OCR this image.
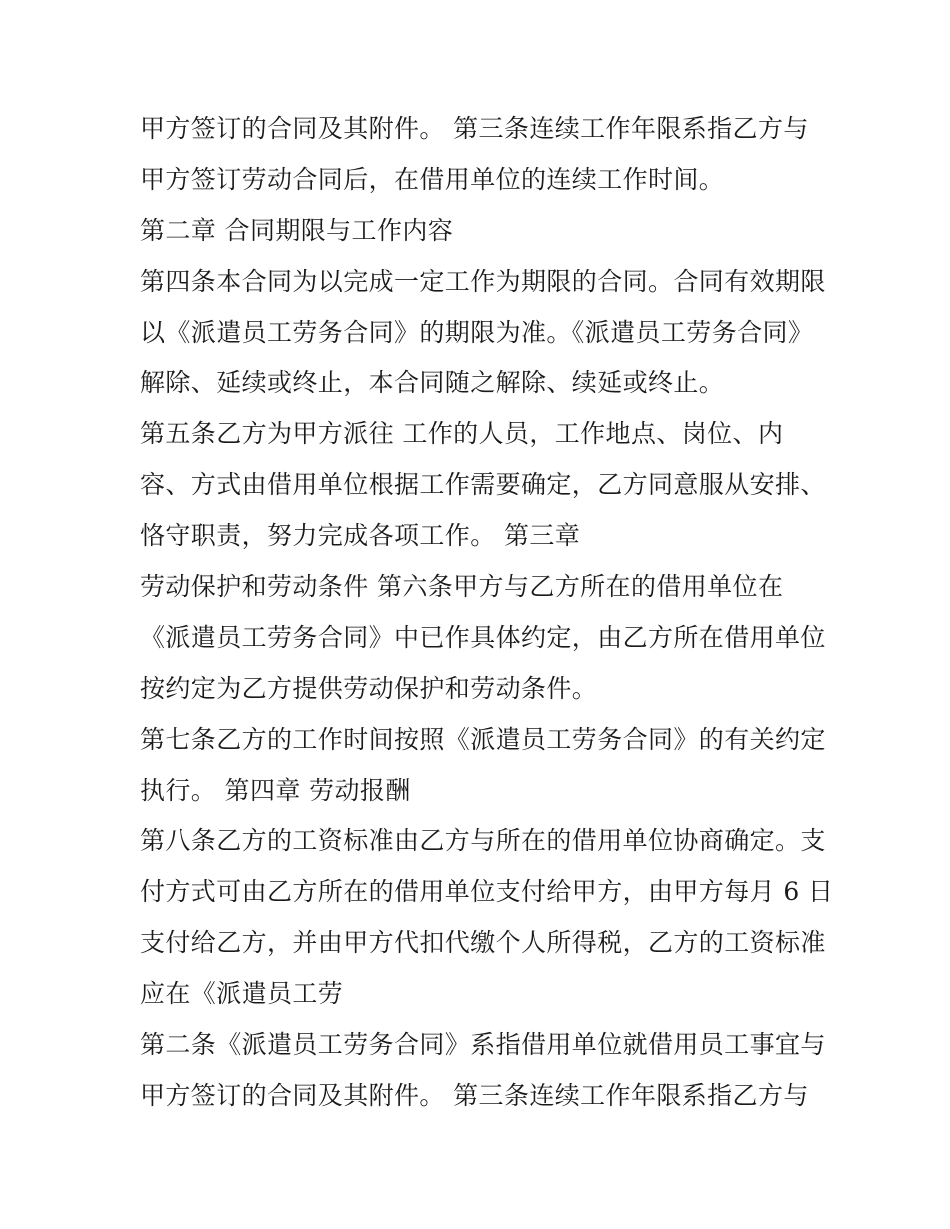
甲方签订的合同及其附件。 第三条连续工作年限系指乙方与
甲方签订劳动合同后，在借用单位的连续工作时间。
第二章 合同期限与工作内容
第四条本合同为以完成一定工作为期限的合同。合同有效期限
以《派遣员工劳务合同》的期限为准。《派遣员工劳务合同》
解除、延续或终止，本合同随之解除、续延或终止。
第五条乙方为甲方派往 工作的人员，工作地点、岗位、内
容、方式由借用单位根据工作需要确定，乙方同意服从安排、
恪守职责，努力完成各项工作。 第三章
劳动保护和劳动条件 第六条甲方与乙方所在的借用单位在
《派遣员工劳务合同》中已作具体约定，由乙方所在借用单位
按约定为乙方提供劳动保护和劳动条件。
第七条乙方的工作时间按照《派遣员工劳务合同》的有关约定
执行。 第四章 劳动报酬
第八条乙方的工资标准由乙方与所在的借用单位协商确定。支
付方式可由乙方所在的借用单位支付给甲方，由甲方每月 6 日
支付给乙方，并由甲方代扣代缴个人所得税，乙方的工资标准
应在《派遣员工劳
第二条《派遣员工劳务合同》系指借用单位就借用员工事宜与
甲方签订的合同及其附件。 第三条连续工作年限系指乙方与
